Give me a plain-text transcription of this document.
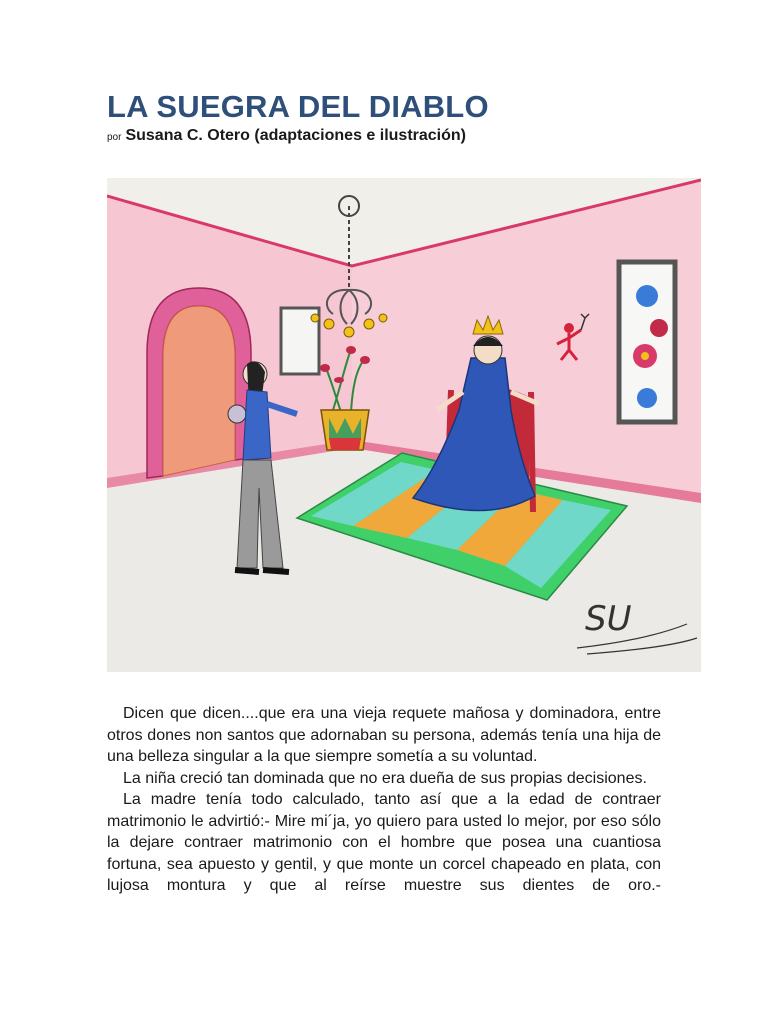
LA SUEGRA DEL DIABLO
por Susana C. Otero (adaptaciones e ilustración)
SU

Dicen que dicen....que era una vieja requete mañosa y dominadora, entre otros dones non santos que adornaban su persona, además tenía una hija de una belleza singular a la que siempre sometía a su voluntad.

La niña creció tan dominada que no era dueña de sus propias decisiones.

La madre tenía todo calculado, tanto así que a la edad de contraer matrimonio le advirtió:- Mire mi´ja, yo quiero para usted lo mejor, por eso sólo la dejare contraer matrimonio con el hombre que posea una cuantiosa fortuna, sea apuesto y gentil, y que monte un corcel chapeado en plata, con lujosa montura y que al reírse muestre sus dientes de oro.-
